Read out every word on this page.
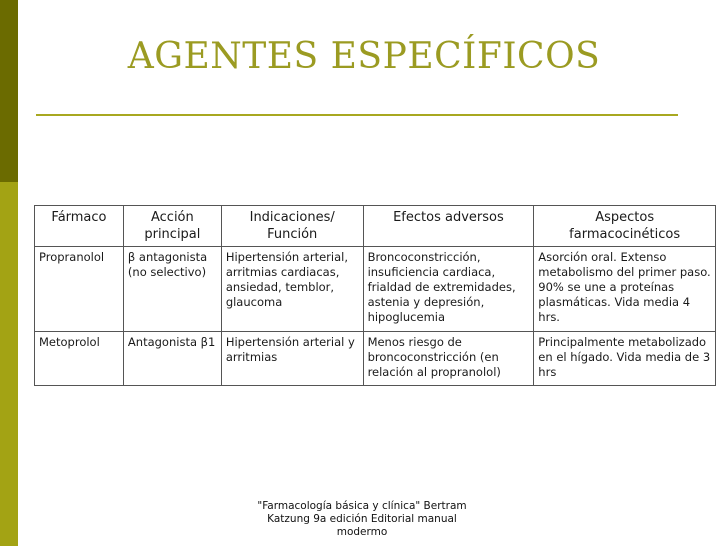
AGENTES ESPECÍFICOS
Fármaco	Acción principal	Indicaciones/ Función	Efectos adversos	Aspectos farmacocinéticos
Propranolol	β antagonista (no selectivo)	Hipertensión arterial, arritmias cardiacas, ansiedad, temblor, glaucoma	Broncoconstricción, insuficiencia cardiaca, frialdad de extremidades, astenia y depresión, hipoglucemia	Asorción oral. Extenso metabolismo del primer paso. 90% se une a proteínas plasmáticas. Vida media 4 hrs.
Metoprolol	Antagonista β1	Hipertensión arterial y arritmias	Menos riesgo de broncoconstricción (en relación al propranolol)	Principalmente metabolizado en el hígado. Vida media de 3 hrs
"Farmacología básica y clínica" Bertram Katzung 9a edición Editorial manual modermo
